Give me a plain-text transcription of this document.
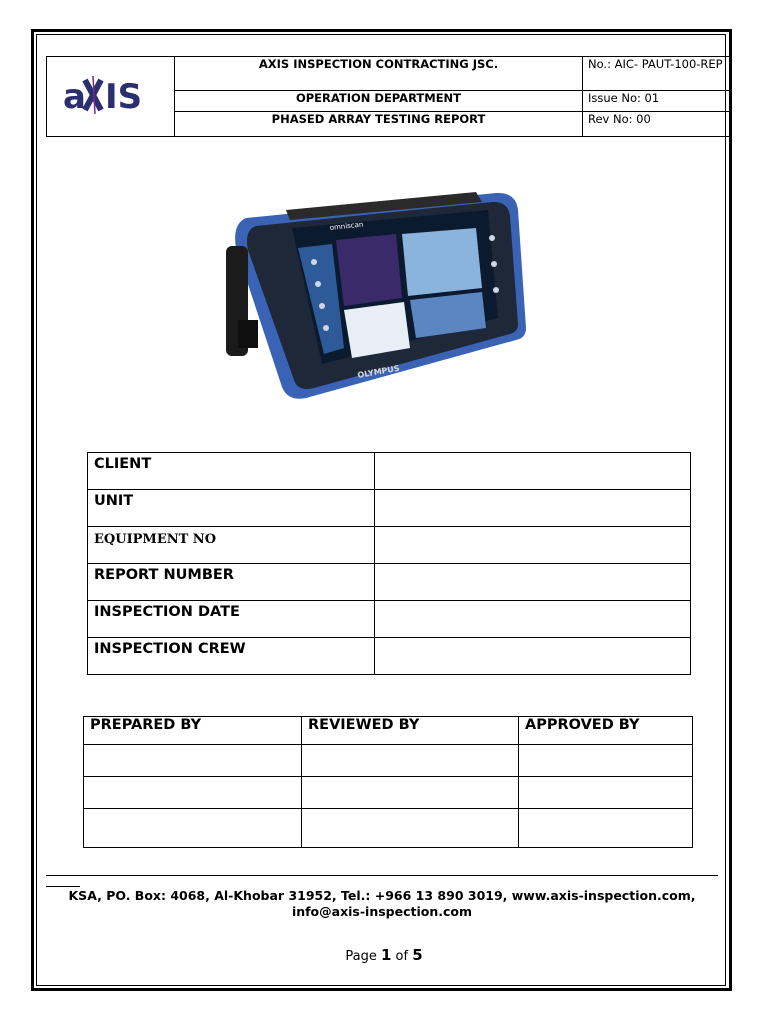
a IS	AXIS INSPECTION CONTRACTING JSC.	No.: AIC- PAUT-100-REP
	OPERATION DEPARTMENT	Issue No: 01
	PHASED ARRAY TESTING REPORT	Rev No: 00
OLYMPUS
omniscan
CLIENT	
UNIT	
EQUIPMENT NO	
REPORT NUMBER	
INSPECTION DATE	
INSPECTION CREW	
PREPARED BY	REVIEWED BY	APPROVED BY

KSA, PO. Box: 4068, Al-Khobar 31952, Tel.: +966 13 890 3019, www.axis-inspection.com,
info@axis-inspection.com
Page 1 of 5
